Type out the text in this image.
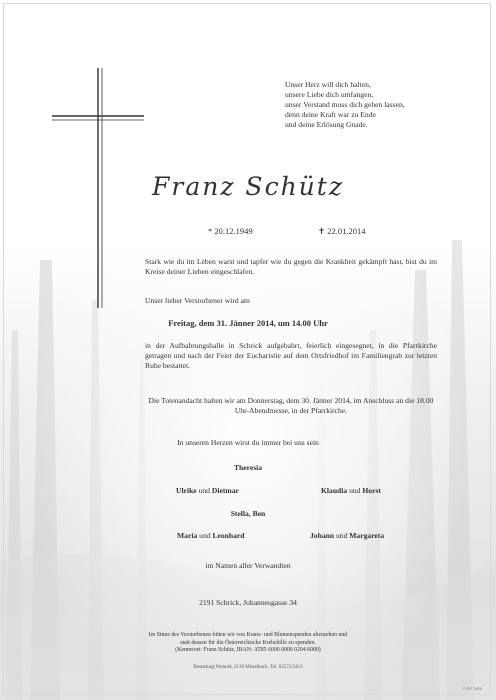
Unser Herz will dich halten,
unsere Liebe dich umfangen,
unser Verstand muss dich gehen lassen,
denn deine Kraft war zu Ende
und deine Erlösung Gnade.
Franz Schütz
* 20.12.1949	✝ 22.01.2014
Stark wie du im Leben warst und tapfer wie du gegen die Krankheit gekämpft hast, bist du im Kreise deiner Lieben eingeschlafen.
Unser lieber Verstorbener wird am
Freitag, dem 31. Jänner 2014, um 14.00 Uhr
in der Aufbahrungshalle in Schrick aufgebahrt, feierlich eingesegnet, in die Pfarrkirche getragen und nach der Feier der Eucharistie auf dem Ortsfriedhof im Familiengrab zur letzten Ruhe bestattet.
Die Totenandacht halten wir am Donnerstag, dem 30. Jänner 2014, im Anschluss an die 18.00 Uhr-Abendmesse, in der Pfarrkirche.
In unseren Herzen wirst du immer bei uns sein
Theresia
Ulrike und Dietmar	Klaudia und Horst
Stella, Ben
Maria und Leonhard	Johann und Margareta
im Namen aller Verwandten
2191 Schrick, Johannesgasse 34
Im Sinne des Verstorbenen bitten wir von Kranz- und Blumenspenden abzusehen und
statt dessen für die Österreichische Krebshilfe zu spenden.
(Kennwort: Franz Schütz, IBAN: AT85 6000 0000 0204 6000)
Bestattung Pernold, 2130 Mistelbach, Tel. 02572/2413
© EP 7820
